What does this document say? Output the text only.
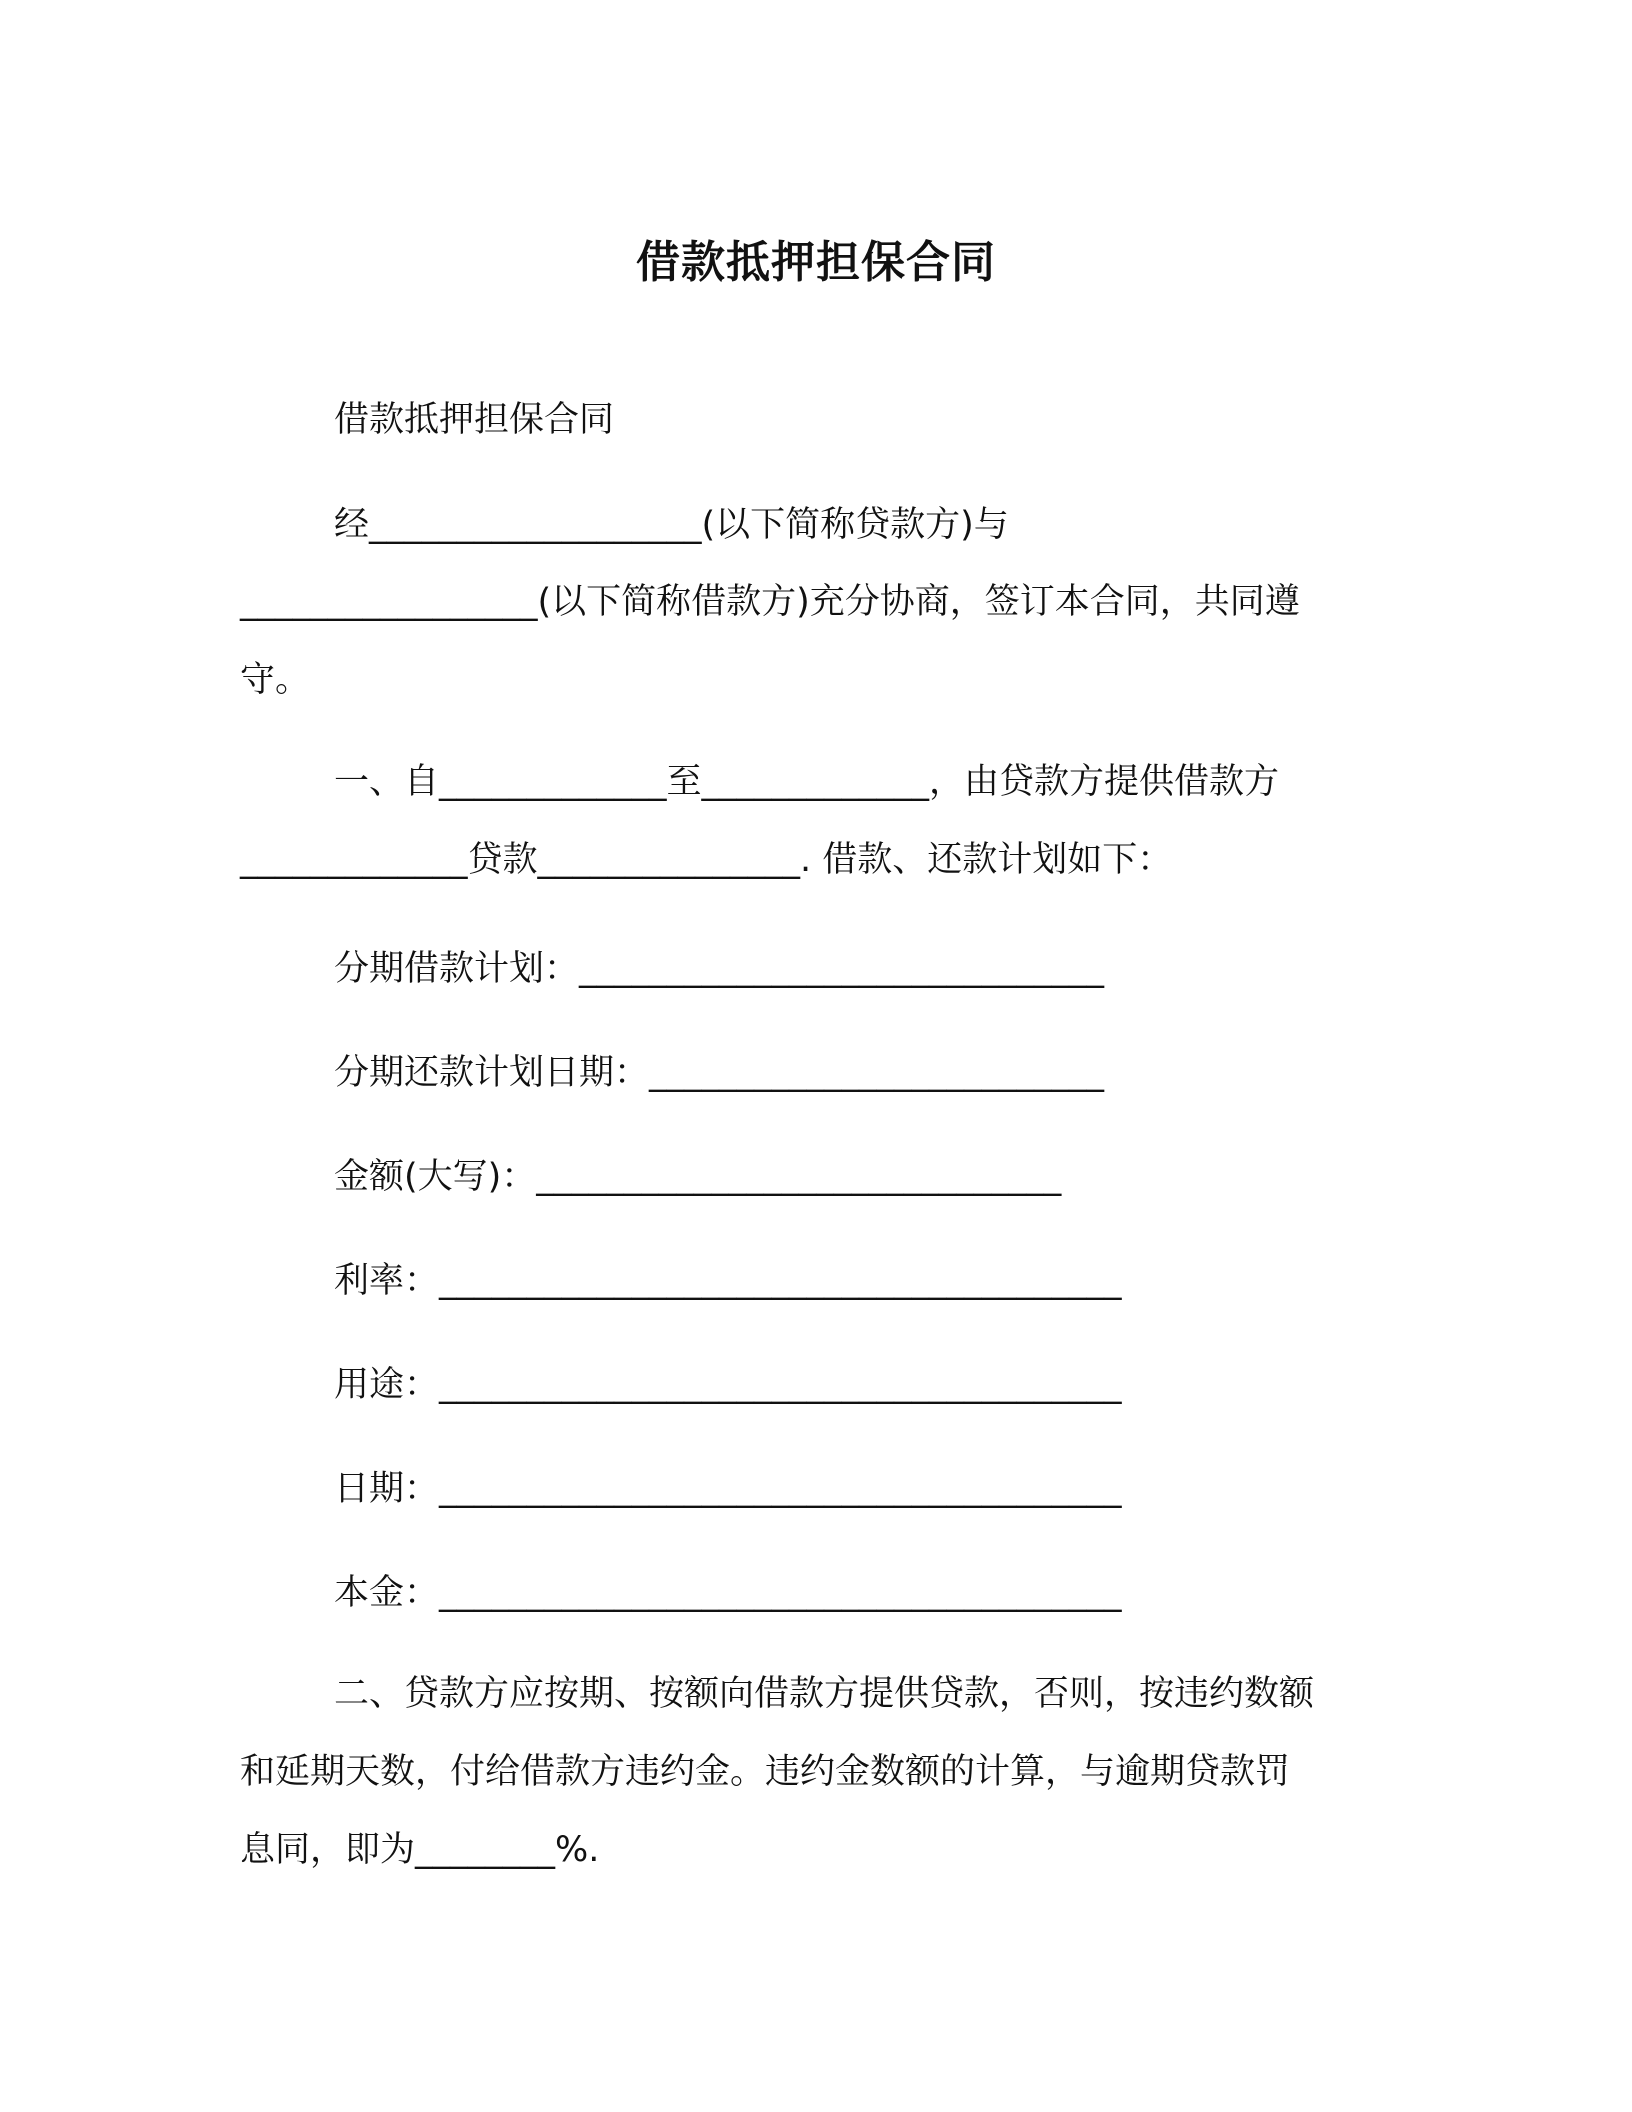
借款抵押担保合同
借款抵押担保合同
经___________________(以下简称贷款方)与
_________________(以下简称借款方)充分协商，签订本合同，共同遵
守。
一、自_____________至_____________，由贷款方提供借款方
_____________贷款_______________. 借款、还款计划如下：
分期借款计划：______________________________
分期还款计划日期：__________________________
金额(大写)：______________________________
利率：_______________________________________
用途：_______________________________________
日期：_______________________________________
本金：_______________________________________
二、贷款方应按期、按额向借款方提供贷款，否则，按违约数额
和延期天数，付给借款方违约金。违约金数额的计算，与逾期贷款罚
息同，即为________%.
